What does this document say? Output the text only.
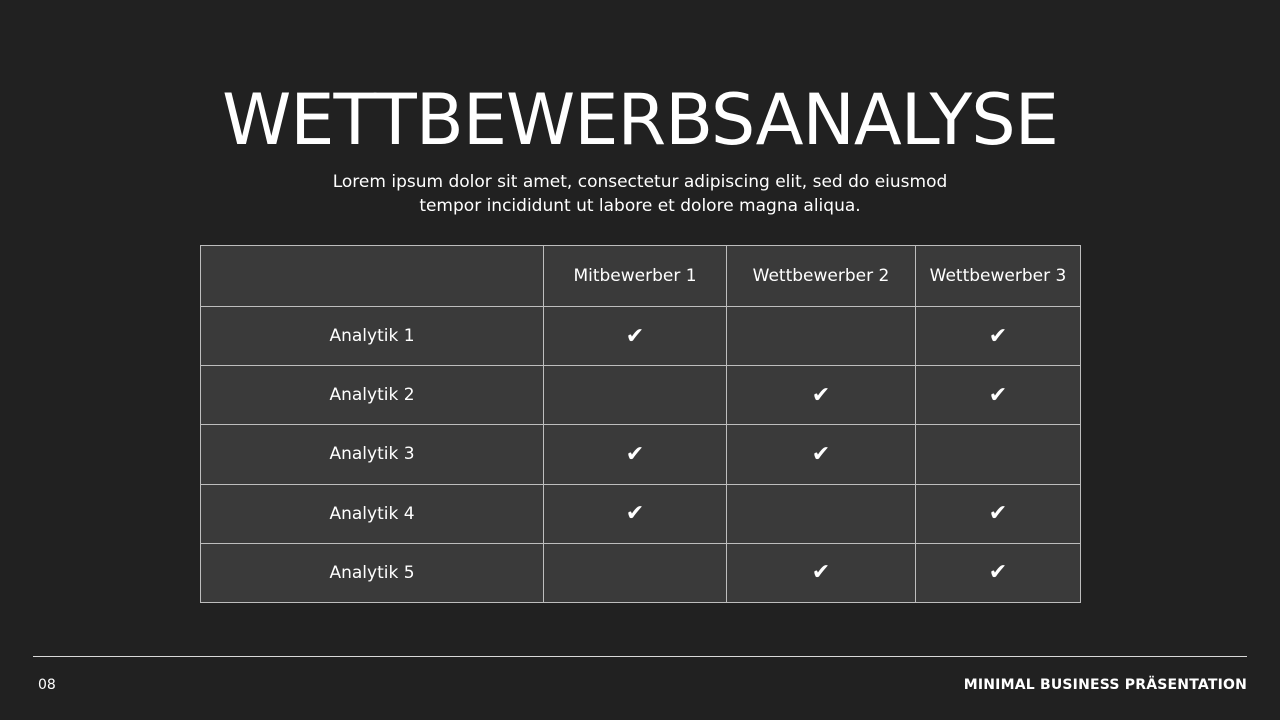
WETTBEWERBSANALYSE

Lorem ipsum dolor sit amet, consectetur adipiscing elit, sed do eiusmod tempor incididunt ut labore et dolore magna aliqua.

	Mitbewerber 1	Wettbewerber 2	Wettbewerber 3
Analytik 1	✔		✔
Analytik 2		✔	✔
Analytik 3	✔	✔	
Analytik 4	✔		✔
Analytik 5		✔	✔
08	MINIMAL BUSINESS PRÄSENTATION
